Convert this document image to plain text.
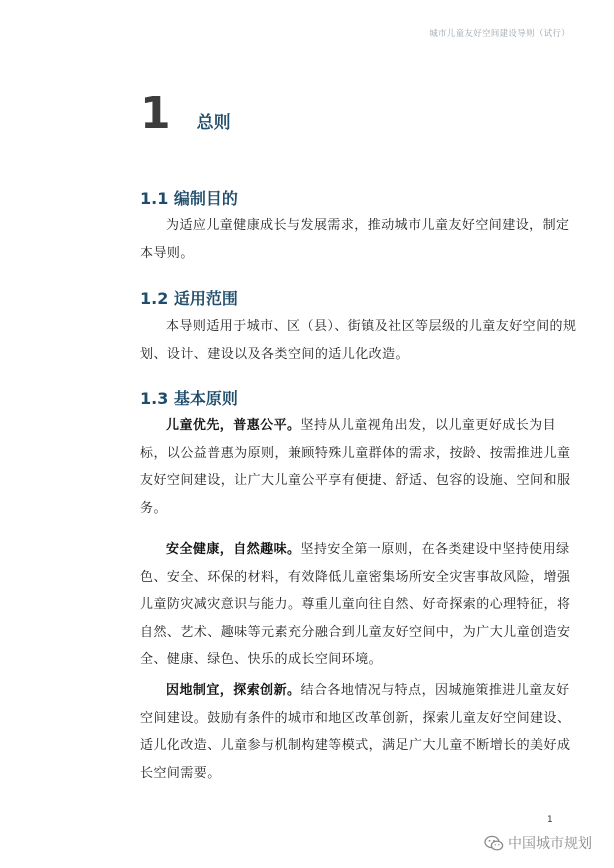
城市儿童友好空间建设导则（试行）
1 总则
1.1 编制目的

为适应儿童健康成长与发展需求，推动城市儿童友好空间建设，制定本导则。

1.2 适用范围

本导则适用于城市、区（县）、街镇及社区等层级的儿童友好空间的规划、设计、建设以及各类空间的适儿化改造。

1.3 基本原则

儿童优先，普惠公平。坚持从儿童视角出发，以儿童更好成长为目标，以公益普惠为原则，兼顾特殊儿童群体的需求，按龄、按需推进儿童友好空间建设，让广大儿童公平享有便捷、舒适、包容的设施、空间和服务。

安全健康，自然趣味。坚持安全第一原则，在各类建设中坚持使用绿色、安全、环保的材料，有效降低儿童密集场所安全灾害事故风险，增强儿童防灾减灾意识与能力。尊重儿童向往自然、好奇探索的心理特征，将自然、艺术、趣味等元素充分融合到儿童友好空间中，为广大儿童创造安全、健康、绿色、快乐的成长空间环境。

因地制宜，探索创新。结合各地情况与特点，因城施策推进儿童友好空间建设。鼓励有条件的城市和地区改革创新，探索儿童友好空间建设、适儿化改造、儿童参与机制构建等模式，满足广大儿童不断增长的美好成长空间需要。

1
中国城市规划
